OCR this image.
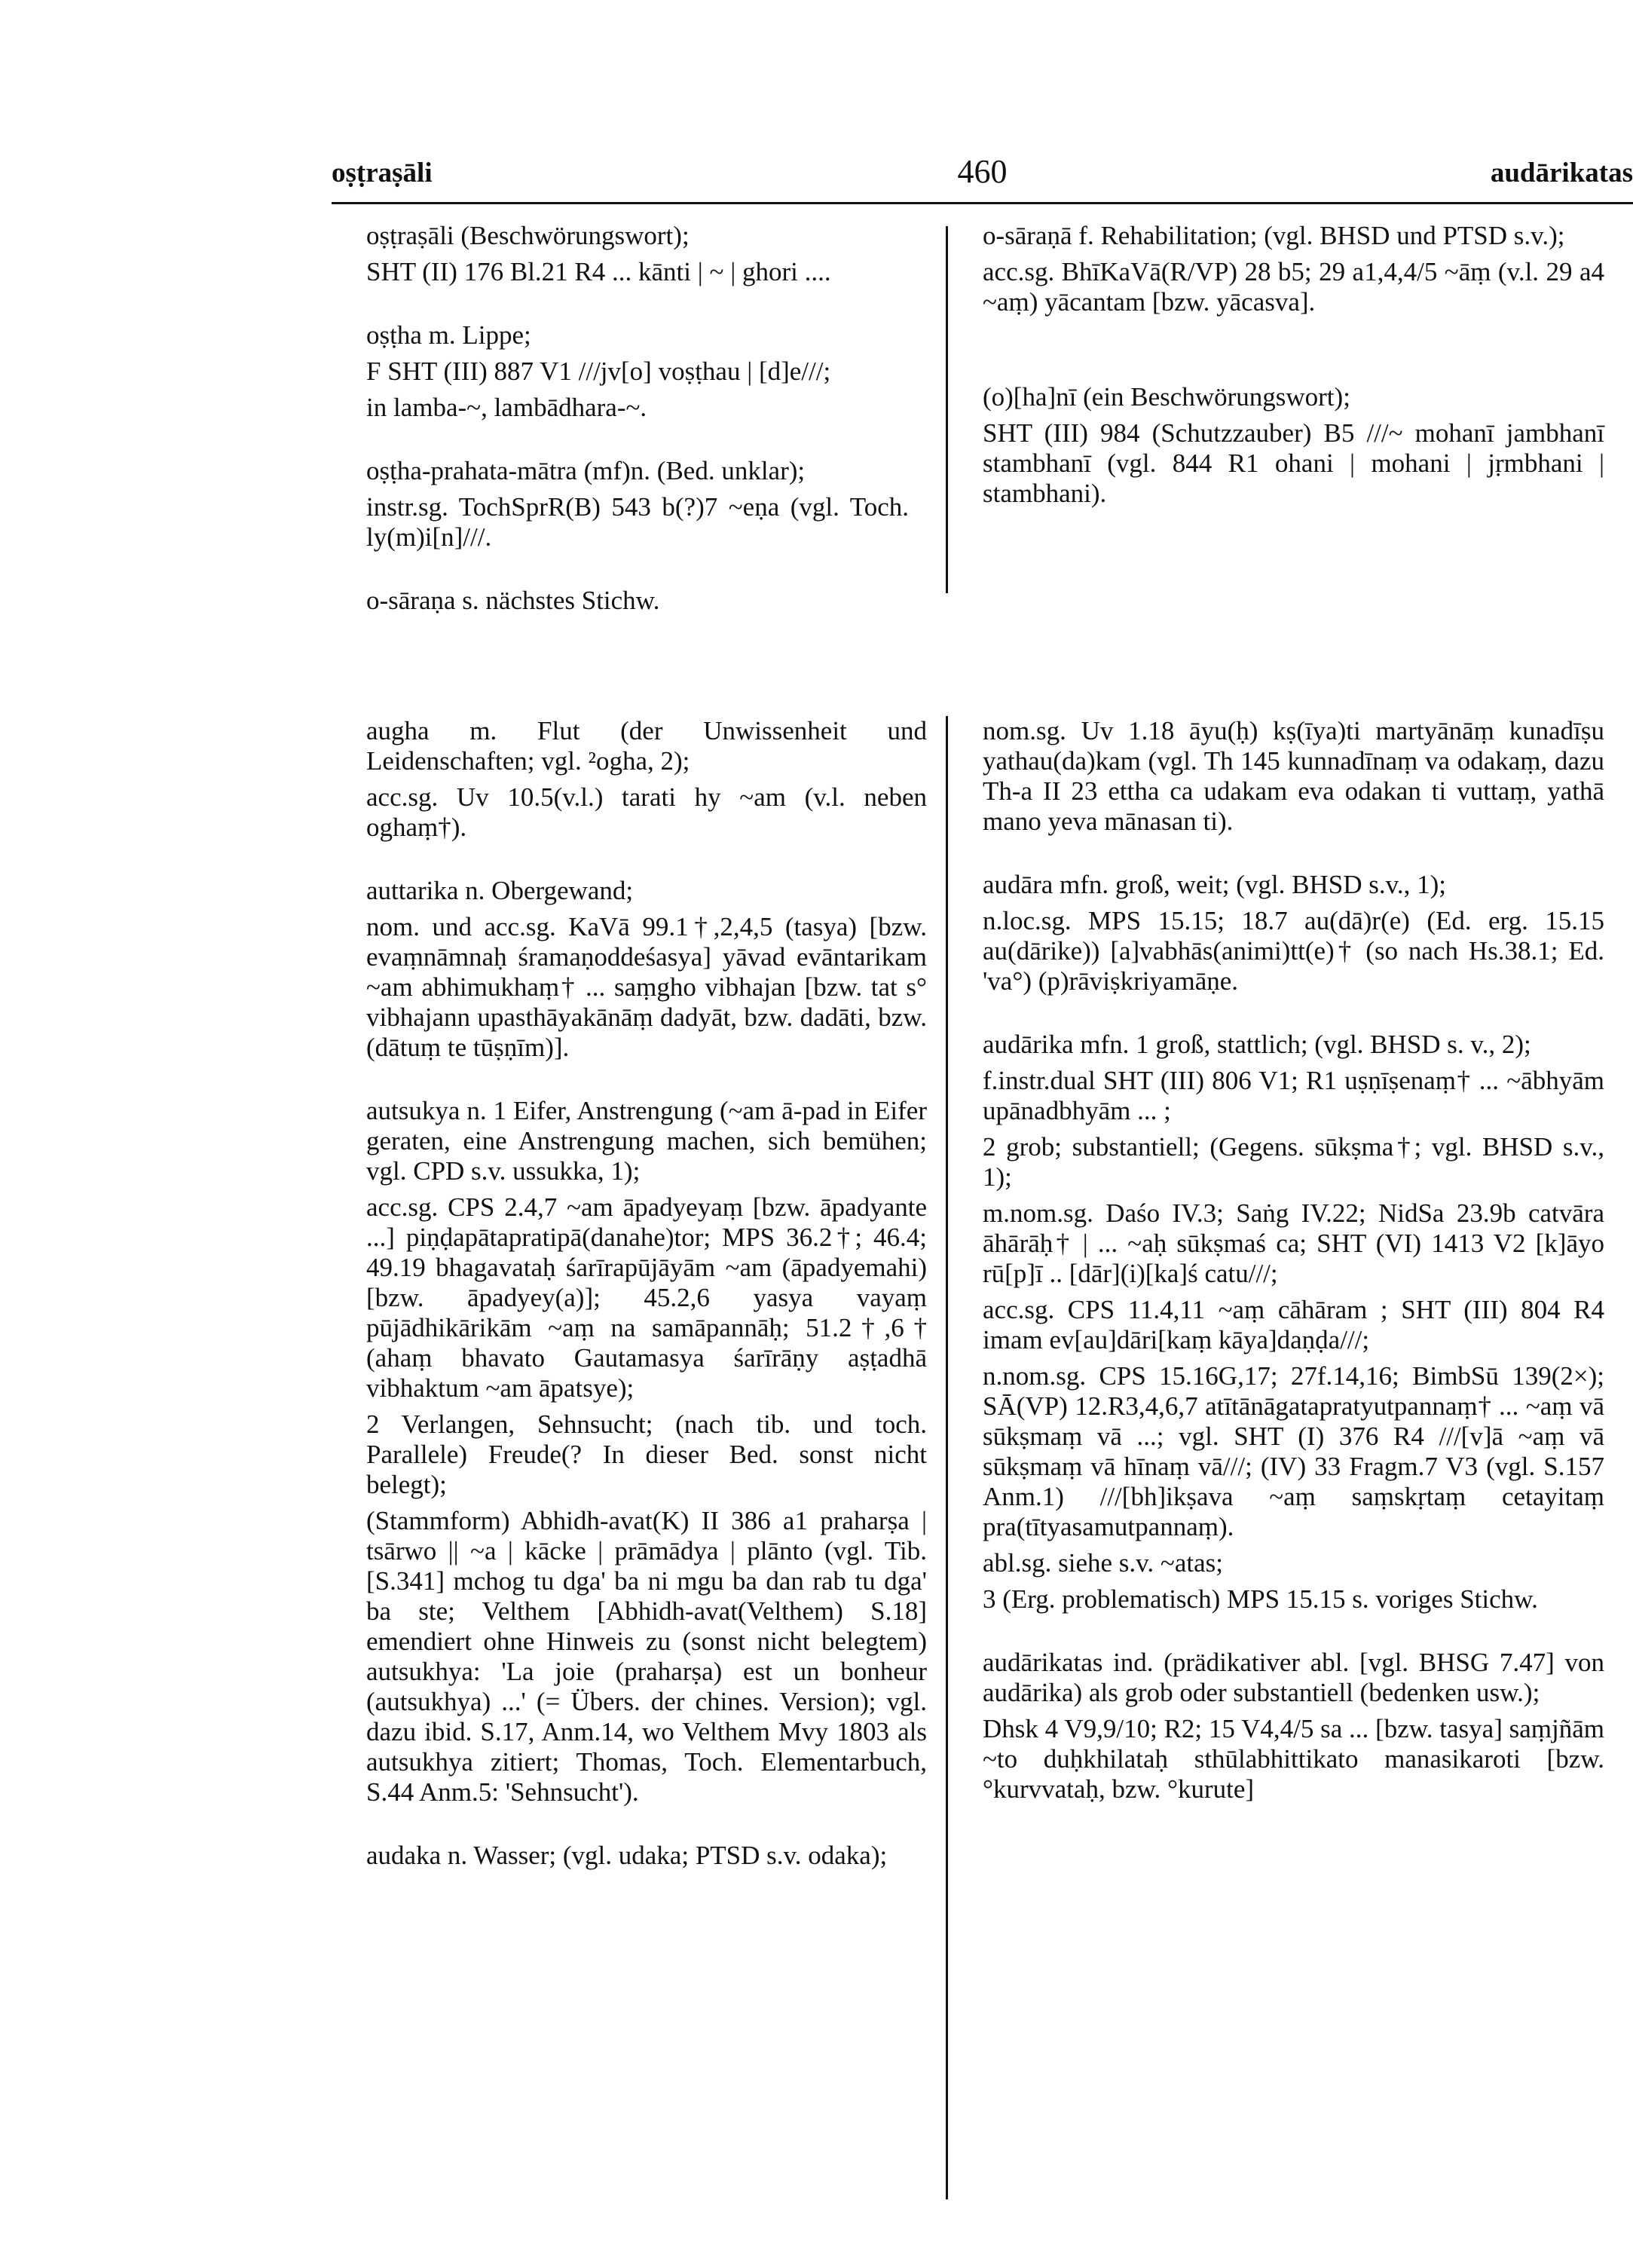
oṣṭraṣāli	460	audārikatas

oṣṭraṣāli (Beschwörungswort);

SHT (II) 176 Bl.21 R4 ... kānti | ~ | ghori ....

oṣṭha m. Lippe;

F SHT (III) 887 V1 ///jv[o] voṣṭhau | [d]e///;

in lamba-~, lambādhara-~.

oṣṭha-prahata-mātra (mf)n. (Bed. unklar);

instr.sg. TochSprR(B) 543 b(?)7 ~eṇa (vgl. Toch. ly(m)i[n]///.

o-sāraṇa s. nächstes Stichw.

o-sāraṇā f. Rehabilitation; (vgl. BHSD und PTSD s.v.);

acc.sg. BhīKaVā(R/VP) 28 b5; 29 a1,4,4/5 ~āṃ (v.l. 29 a4 ~aṃ) yācantam [bzw. yācasva].

(o)[ha]nī (ein Beschwörungswort);

SHT (III) 984 (Schutzzauber) B5 ///~ mohanī jambhanī stambhanī (vgl. 844 R1 ohani | mohani | jṛmbhani | stambhani).

augha m. Flut (der Unwissenheit und Leidenschaften; vgl. ²ogha, 2);

acc.sg. Uv 10.5(v.l.) tarati hy ~am (v.l. neben oghaṃ†).

auttarika n. Obergewand;

nom. und acc.sg. KaVā 99.1†,2,4,5 (tasya) [bzw. evaṃnāmnaḥ śramaṇoddeśasya] yāvad evāntarikam ~am abhimukhaṃ† ... saṃgho vibhajan [bzw. tat s° vibhajann upasthāyakānāṃ dadyāt, bzw. dadāti, bzw. (dātuṃ te tūṣṇīm)].

autsukya n. 1 Eifer, Anstrengung (~am ā-pad in Eifer geraten, eine Anstrengung machen, sich bemühen; vgl. CPD s.v. ussukka, 1);

acc.sg. CPS 2.4,7 ~am āpadyeyaṃ [bzw. āpadyante ...] piṇḍapātapratipā(danahe)tor; MPS 36.2†; 46.4; 49.19 bhagavataḥ śarīrapūjāyām ~am (āpadyemahi) [bzw. āpadyey(a)]; 45.2,6 yasya vayaṃ pūjādhikārikām ~aṃ na samāpannāḥ; 51.2†,6† (ahaṃ bhavato Gautamasya śarīrāṇy aṣṭadhā vibhaktum ~am āpatsye);

2 Verlangen, Sehnsucht; (nach tib. und toch. Parallele) Freude(? In dieser Bed. sonst nicht belegt);

(Stammform) Abhidh-avat(K) II 386 a1 praharṣa | tsārwo || ~a | kācke | prāmādya | plānto (vgl. Tib. [S.341] mchog tu dga' ba ni mgu ba dan rab tu dga' ba ste; Velthem [Abhidh-avat(Velthem) S.18] emendiert ohne Hinweis zu (sonst nicht belegtem) autsukhya: 'La joie (praharṣa) est un bonheur (autsukhya) ...' (= Übers. der chines. Version); vgl. dazu ibid. S.17, Anm.14, wo Velthem Mvy 1803 als autsukhya zitiert; Thomas, Toch. Elementarbuch, S.44 Anm.5: 'Sehnsucht').

audaka n. Wasser; (vgl. udaka; PTSD s.v. odaka);

nom.sg. Uv 1.18 āyu(ḥ) kṣ(īya)ti martyānāṃ kunadīṣu yathau(da)kam (vgl. Th 145 kunnadīnaṃ va odakaṃ, dazu Th-a II 23 ettha ca udakam eva odakan ti vuttaṃ, yathā mano yeva mānasan ti).

audāra mfn. groß, weit; (vgl. BHSD s.v., 1);

n.loc.sg. MPS 15.15; 18.7 au(dā)r(e) (Ed. erg. 15.15 au(dārike)) [a]vabhās(animi)tt(e)† (so nach Hs.38.1; Ed. 'va°) (p)rāviṣkriyamāṇe.

audārika mfn. 1 groß, stattlich; (vgl. BHSD s. v., 2);

f.instr.dual SHT (III) 806 V1; R1 uṣṇīṣenaṃ† ... ~ābhyām upānadbhyām ... ;

2 grob; substantiell; (Gegens. sūkṣma†; vgl. BHSD s.v., 1);

m.nom.sg. Daśo IV.3; Saṅg IV.22; NidSa 23.9b catvāra āhārāḥ† | ... ~aḥ sūkṣmaś ca; SHT (VI) 1413 V2 [k]āyo rū[p]ī .. [dār](i)[ka]ś catu///;

acc.sg. CPS 11.4,11 ~aṃ cāhāram ; SHT (III) 804 R4 imam ev[au]dāri[kaṃ kāya]daṇḍa///;

n.nom.sg. CPS 15.16G,17; 27f.14,16; BimbSū 139(2×); SĀ(VP) 12.R3,4,6,7 atītānāgatapratyutpannaṃ† ... ~aṃ vā sūkṣmaṃ vā ...; vgl. SHT (I) 376 R4 ///[v]ā ~aṃ vā sūkṣmaṃ vā hīnaṃ vā///; (IV) 33 Fragm.7 V3 (vgl. S.157 Anm.1) ///[bh]ikṣava ~aṃ saṃskṛtaṃ cetayitaṃ pra(tītyasamutpannaṃ).

abl.sg. siehe s.v. ~atas;

3 (Erg. problematisch) MPS 15.15 s. voriges Stichw.

audārikatas ind. (prädikativer abl. [vgl. BHSG 7.47] von audārika) als grob oder substantiell (bedenken usw.);

Dhsk 4 V9,9/10; R2; 15 V4,4/5 sa ... [bzw. tasya] saṃjñām ~to duḥkhilataḥ sthūlabhittikato manasikaroti [bzw. °kurvvataḥ, bzw. °kurute]
